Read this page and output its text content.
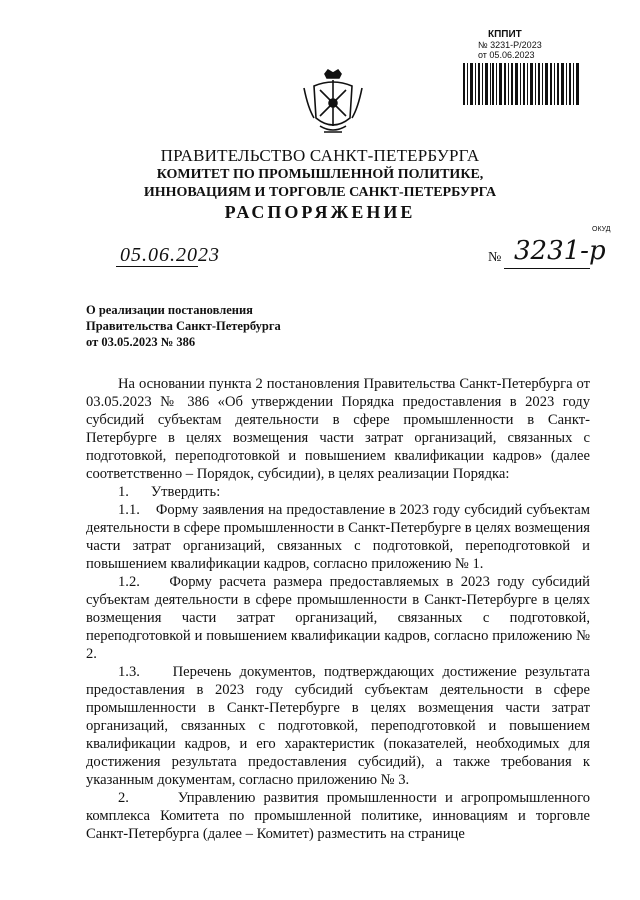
КППИТ
№ 3231-Р/2023
от 05.06.2023
ПРАВИТЕЛЬСТВО САНКТ-ПЕТЕРБУРГА
КОМИТЕТ ПО ПРОМЫШЛЕННОЙ ПОЛИТИКЕ,
ИННОВАЦИЯМ И ТОРГОВЛЕ САНКТ-ПЕТЕРБУРГА
РАСПОРЯЖЕНИЕ
ОКУД
05.06.2023	№ 3231-р
О реализации постановления
Правительства Санкт-Петербурга
от 03.05.2023 № 386

На основании пункта 2 постановления Правительства Санкт-Петербурга от 03.05.2023 № 386 «Об утверждении Порядка предоставления в 2023 году субсидий субъектам деятельности в сфере промышленности в Санкт-Петербурге в целях возмещения части затрат организаций, связанных с подготовкой, переподготовкой и повышением квалификации кадров» (далее соответственно – Порядок, субсидии), в целях реализации Порядка:

1.      Утвердить:

1.1.    Форму заявления на предоставление в 2023 году субсидий субъектам деятельности в сфере промышленности в Санкт-Петербурге в целях возмещения части затрат организаций, связанных с подготовкой, переподготовкой и повышением квалификации кадров, согласно приложению № 1.

1.2.    Форму расчета размера предоставляемых в 2023 году субсидий субъектам деятельности в сфере промышленности в Санкт-Петербурге в целях возмещения части затрат организаций, связанных с подготовкой, переподготовкой и повышением квалификации кадров, согласно приложению № 2.

1.3.    Перечень документов, подтверждающих достижение результата предоставления в 2023 году субсидий субъектам деятельности в сфере промышленности в Санкт-Петербурге в целях возмещения части затрат организаций, связанных с подготовкой, переподготовкой и повышением квалификации кадров, и его характеристик (показателей, необходимых для достижения результата предоставления субсидий), а также требования к указанным документам, согласно приложению № 3.

2.      Управлению развития промышленности и агропромышленного комплекса Комитета по промышленной политике, инновациям и торговле Санкт-Петербурга (далее – Комитет) разместить на странице
